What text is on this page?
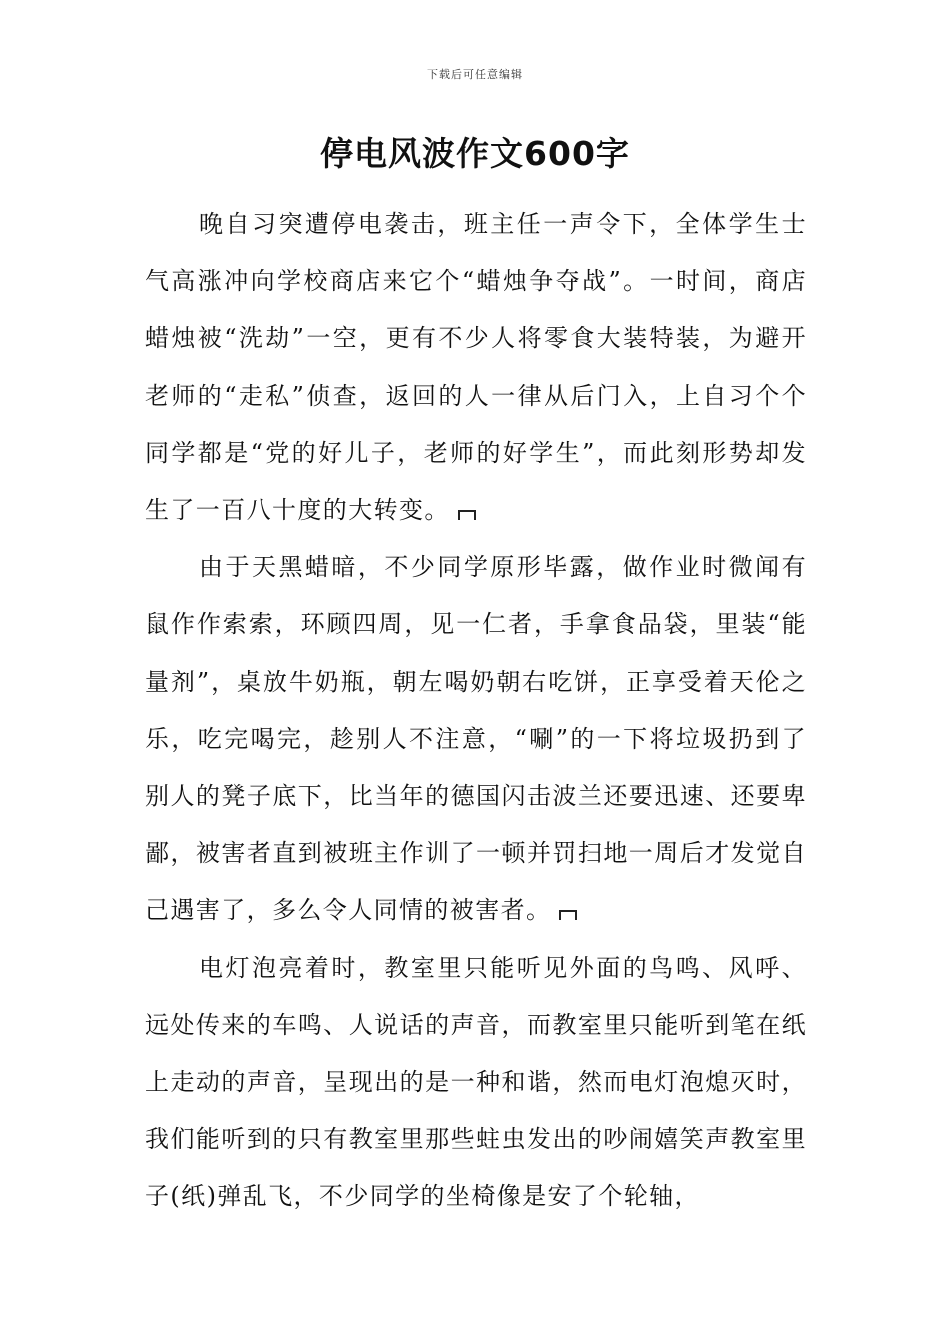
下载后可任意编辑
停电风波作文600字

晚自习突遭停电袭击，班主任一声令下，全体学生士气高涨冲向学校商店来它个“蜡烛争夺战”。一时间，商店蜡烛被“洗劫”一空，更有不少人将零食大装特装，为避开老师的“走私”侦查，返回的人一律从后门入，上自习个个同学都是“党的好儿子，老师的好学生”，而此刻形势却发生了一百八十度的大转变。

由于天黑蜡暗，不少同学原形毕露，做作业时微闻有鼠作作索索，环顾四周，见一仁者，手拿食品袋，里装“能量剂”，桌放牛奶瓶，朝左喝奶朝右吃饼，正享受着天伦之乐，吃完喝完，趁别人不注意，“唰”的一下将垃圾扔到了别人的凳子底下，比当年的德国闪击波兰还要迅速、还要卑鄙，被害者直到被班主作训了一顿并罚扫地一周后才发觉自己遇害了，多么令人同情的被害者。

电灯泡亮着时，教室里只能听见外面的鸟鸣、风呼、远处传来的车鸣、人说话的声音，而教室里只能听到笔在纸上走动的声音，呈现出的是一种和谐，然而电灯泡熄灭时，我们能听到的只有教室里那些蛀虫发出的吵闹嬉笑声教室里子(纸)弹乱飞，不少同学的坐椅像是安了个轮轴，
